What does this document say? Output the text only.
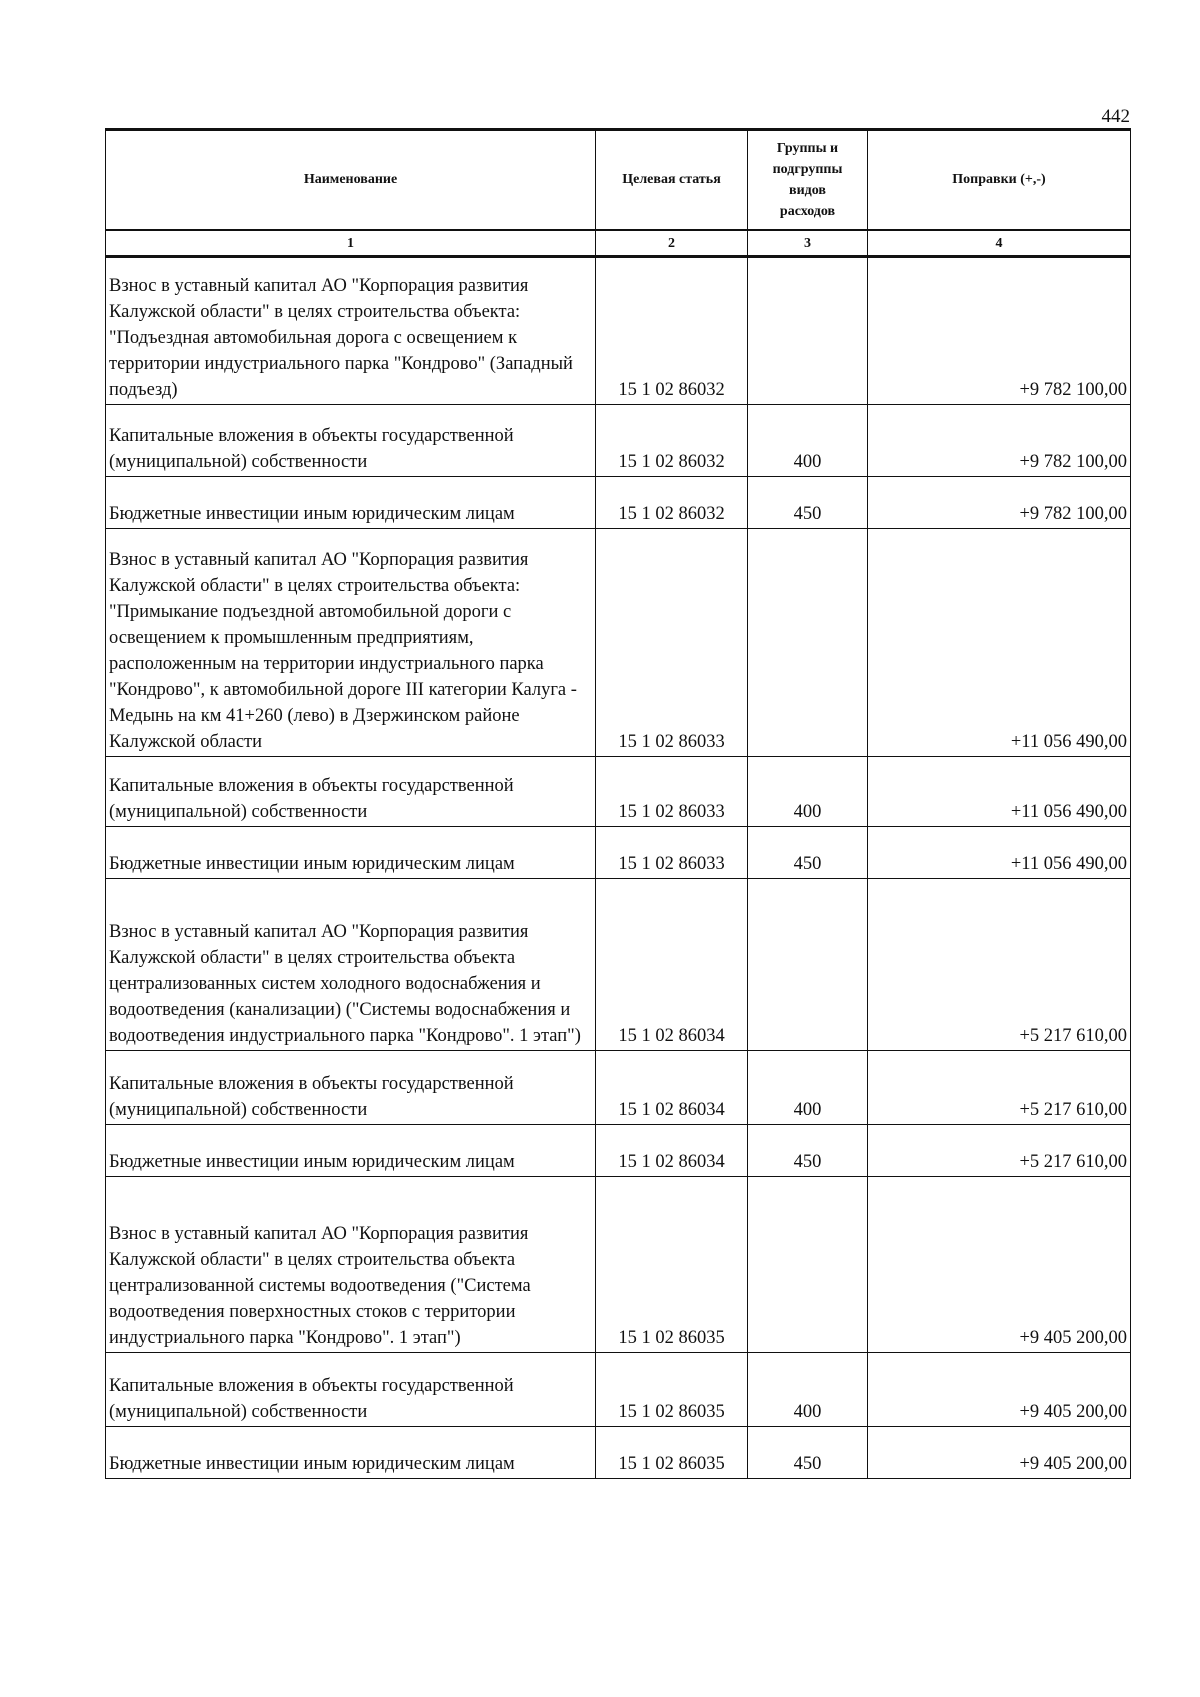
442
Наименование	Целевая статья	Группы и подгруппы видов расходов	Поправки (+,-)
1	2	3	4
Взнос в уставный капитал АО "Корпорация развития Калужской области" в целях строительства объекта: "Подъездная автомобильная дорога с освещением к территории индустриального парка "Кондрово" (Западный подъезд)	15 1 02 86032		+9 782 100,00
Капитальные вложения в объекты государственной (муниципальной) собственности	15 1 02 86032	400	+9 782 100,00
Бюджетные инвестиции иным юридическим лицам	15 1 02 86032	450	+9 782 100,00
Взнос в уставный капитал АО "Корпорация развития Калужской области" в целях строительства объекта: "Примыкание подъездной автомобильной дороги с освещением к промышленным предприятиям, расположенным на территории индустриального парка "Кондрово", к автомобильной дороге III категории Калуга - Медынь на км 41+260 (лево) в Дзержинском районе Калужской области	15 1 02 86033		+11 056 490,00
Капитальные вложения в объекты государственной (муниципальной) собственности	15 1 02 86033	400	+11 056 490,00
Бюджетные инвестиции иным юридическим лицам	15 1 02 86033	450	+11 056 490,00
Взнос в уставный капитал АО "Корпорация развития Калужской области" в целях строительства объекта централизованных систем холодного водоснабжения и водоотведения (канализации) ("Системы водоснабжения и водоотведения индустриального парка "Кондрово". 1 этап")	15 1 02 86034		+5 217 610,00
Капитальные вложения в объекты государственной (муниципальной) собственности	15 1 02 86034	400	+5 217 610,00
Бюджетные инвестиции иным юридическим лицам	15 1 02 86034	450	+5 217 610,00
Взнос в уставный капитал АО "Корпорация развития Калужской области" в целях строительства объекта централизованной системы водоотведения ("Система водоотведения поверхностных стоков с территории индустриального парка "Кондрово". 1 этап")	15 1 02 86035		+9 405 200,00
Капитальные вложения в объекты государственной (муниципальной) собственности	15 1 02 86035	400	+9 405 200,00
Бюджетные инвестиции иным юридическим лицам	15 1 02 86035	450	+9 405 200,00
